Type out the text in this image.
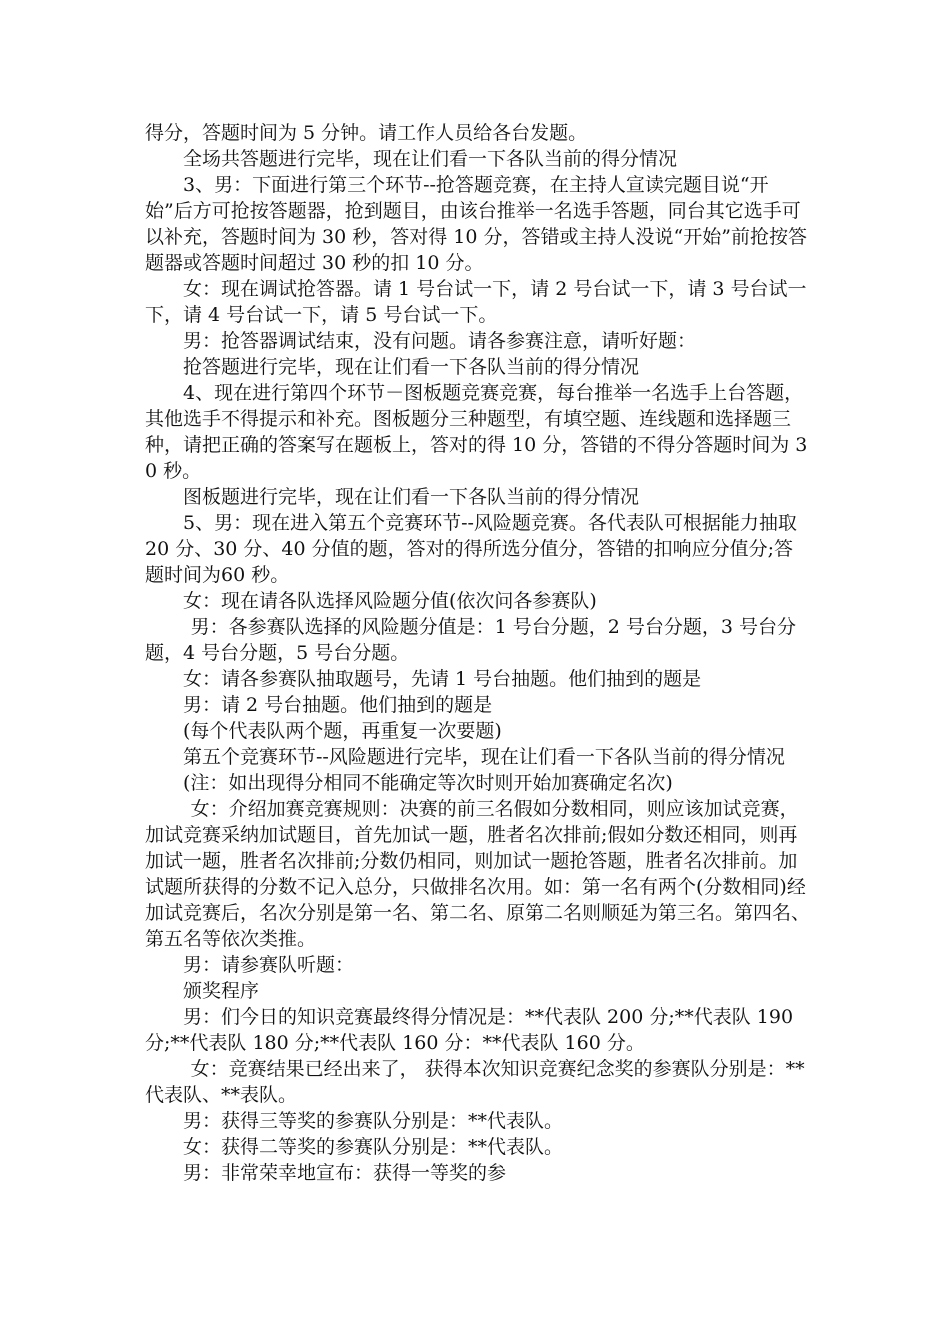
得分，答题时间为 5 分钟。请工作人员给各台发题。

全场共答题进行完毕，现在让们看一下各队当前的得分情况

3、男：下面进行第三个环节--抢答题竞赛，在主持人宣读完题目说“开始”后方可抢按答题器，抢到题目，由该台推举一名选手答题，同台其它选手可以补充，答题时间为 30 秒，答对得 10 分，答错或主持人没说“开始”前抢按答题器或答题时间超过 30 秒的扣 10 分。

女：现在调试抢答器。请 1 号台试一下，请 2 号台试一下，请 3 号台试一下，请 4 号台试一下，请 5 号台试一下。

男：抢答器调试结束，没有问题。请各参赛注意，请听好题：

抢答题进行完毕，现在让们看一下各队当前的得分情况

4、现在进行第四个环节－图板题竞赛竞赛，每台推举一名选手上台答题，其他选手不得提示和补充。图板题分三种题型，有填空题、连线题和选择题三种，请把正确的答案写在题板上，答对的得 10 分，答错的不得分答题时间为 30 秒。

图板题进行完毕，现在让们看一下各队当前的得分情况

5、男：现在进入第五个竞赛环节--风险题竞赛。各代表队可根据能力抽取 20 分、30 分、40 分值的题，答对的得所选分值分，答错的扣响应分值分;答题时间为60 秒。

女：现在请各队选择风险题分值(依次问各参赛队)

男：各参赛队选择的风险题分值是：1 号台分题，2 号台分题，3 号台分题，4 号台分题，5 号台分题。

女：请各参赛队抽取题号，先请 1 号台抽题。他们抽到的题是

男：请 2 号台抽题。他们抽到的题是

(每个代表队两个题，再重复一次要题)

第五个竞赛环节--风险题进行完毕，现在让们看一下各队当前的得分情况

(注：如出现得分相同不能确定等次时则开始加赛确定名次)

女：介绍加赛竞赛规则：决赛的前三名假如分数相同，则应该加试竞赛，加试竞赛采纳加试题目，首先加试一题，胜者名次排前;假如分数还相同，则再加试一题，胜者名次排前;分数仍相同，则加试一题抢答题，胜者名次排前。加试题所获得的分数不记入总分，只做排名次用。如：第一名有两个(分数相同)经加试竞赛后，名次分别是第一名、第二名、原第二名则顺延为第三名。第四名、第五名等依次类推。

男：请参赛队听题：

颁奖程序

男：们今日的知识竞赛最终得分情况是：**代表队 200 分;**代表队 190 分;**代表队 180 分;**代表队 160 分：**代表队 160 分。

女：竞赛结果已经出来了， 获得本次知识竞赛纪念奖的参赛队分别是：**代表队、**表队。

男：获得三等奖的参赛队分别是：**代表队。

女：获得二等奖的参赛队分别是：**代表队。

男：非常荣幸地宣布：获得一等奖的参
